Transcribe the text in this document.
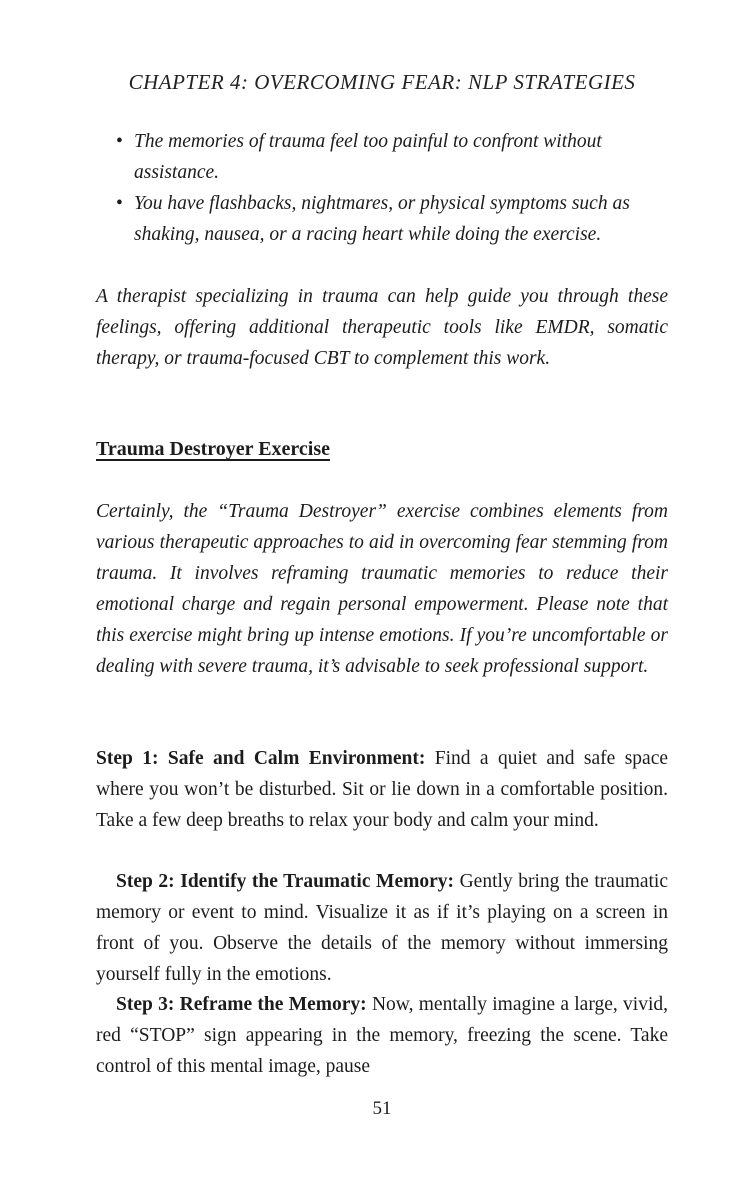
CHAPTER 4: OVERCOMING FEAR: NLP STRATEGIES
• The memories of trauma feel too painful to confront without assistance.
• You have flashbacks, nightmares, or physical symptoms such as shaking, nausea, or a racing heart while doing the exercise.

A therapist specializing in trauma can help guide you through these feelings, offering additional therapeutic tools like EMDR, somatic therapy, or trauma-focused CBT to complement this work.

Trauma Destroyer Exercise

Certainly, the “Trauma Destroyer” exercise combines elements from various therapeutic approaches to aid in overcoming fear stemming from trauma. It involves reframing traumatic memories to reduce their emotional charge and regain personal empowerment. Please note that this exercise might bring up intense emotions. If you’re uncomfortable or dealing with severe trauma, it’s advisable to seek professional support.

Step 1: Safe and Calm Environment: Find a quiet and safe space where you won’t be disturbed. Sit or lie down in a comfortable position. Take a few deep breaths to relax your body and calm your mind.

Step 2: Identify the Traumatic Memory: Gently bring the traumatic memory or event to mind. Visualize it as if it’s playing on a screen in front of you. Observe the details of the memory without immersing yourself fully in the emotions.

Step 3: Reframe the Memory: Now, mentally imagine a large, vivid, red “STOP” sign appearing in the memory, freezing the scene. Take control of this mental image, pause

51
